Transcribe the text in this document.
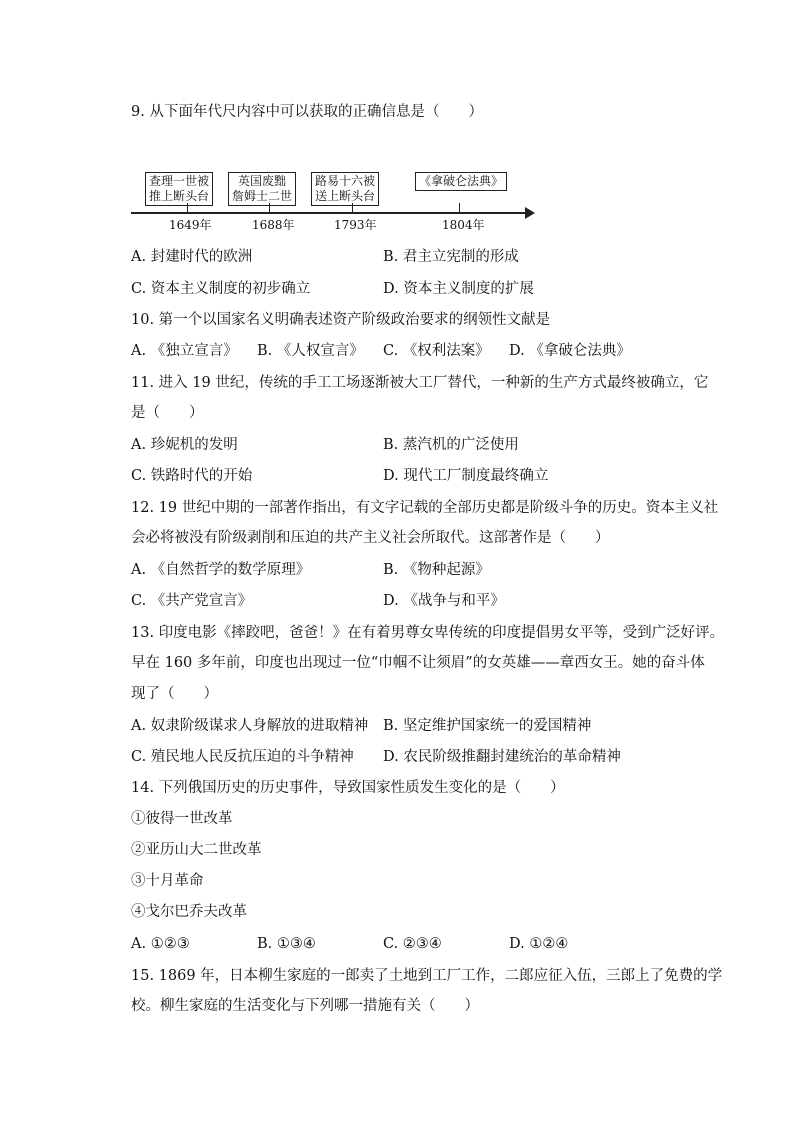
9. 从下面年代尺内容中可以获取的正确信息是（　　）
查理一世被
推上断头台
英国废黜
詹姆士二世
路易十六被
送上断头台
《拿破仑法典》
1649年	1688年	1793年	1804年
A. 封建时代的欧洲	B. 君主立宪制的形成
C. 资本主义制度的初步确立	D. 资本主义制度的扩展
10. 第一个以国家名义明确表述资产阶级政治要求的纲领性文献是
A. 《独立宣言》 B. 《人权宣言》 C. 《权利法案》 D. 《拿破仑法典》
11. 进入 19 世纪，传统的手工工场逐渐被大工厂替代，一种新的生产方式最终被确立，它
是（　　）
A. 珍妮机的发明	B. 蒸汽机的广泛使用
C. 铁路时代的开始	D. 现代工厂制度最终确立
12. 19 世纪中期的一部著作指出，有文字记载的全部历史都是阶级斗争的历史。资本主义社
会必将被没有阶级剥削和压迫的共产主义社会所取代。这部著作是（　　）
A. 《自然哲学的数学原理》	B. 《物种起源》
C. 《共产党宣言》	D. 《战争与和平》
13. 印度电影《摔跤吧，爸爸！》在有着男尊女卑传统的印度提倡男女平等，受到广泛好评。
早在 160 多年前，印度也出现过一位“巾帼不让须眉”的女英雄——章西女王。她的奋斗体
现了（　　）
A. 奴隶阶级谋求人身解放的进取精神 B. 坚定维护国家统一的爱国精神
C. 殖民地人民反抗压迫的斗争精神 D. 农民阶级推翻封建统治的革命精神
14. 下列俄国历史的历史事件，导致国家性质发生变化的是（　　）
①彼得一世改革
②亚历山大二世改革
③十月革命
④戈尔巴乔夫改革
A. ①②③	B. ①③④	C. ②③④	D. ①②④
15. 1869 年，日本柳生家庭的一郎卖了土地到工厂工作，二郎应征入伍，三郎上了免费的学
校。柳生家庭的生活变化与下列哪一措施有关（　　）
